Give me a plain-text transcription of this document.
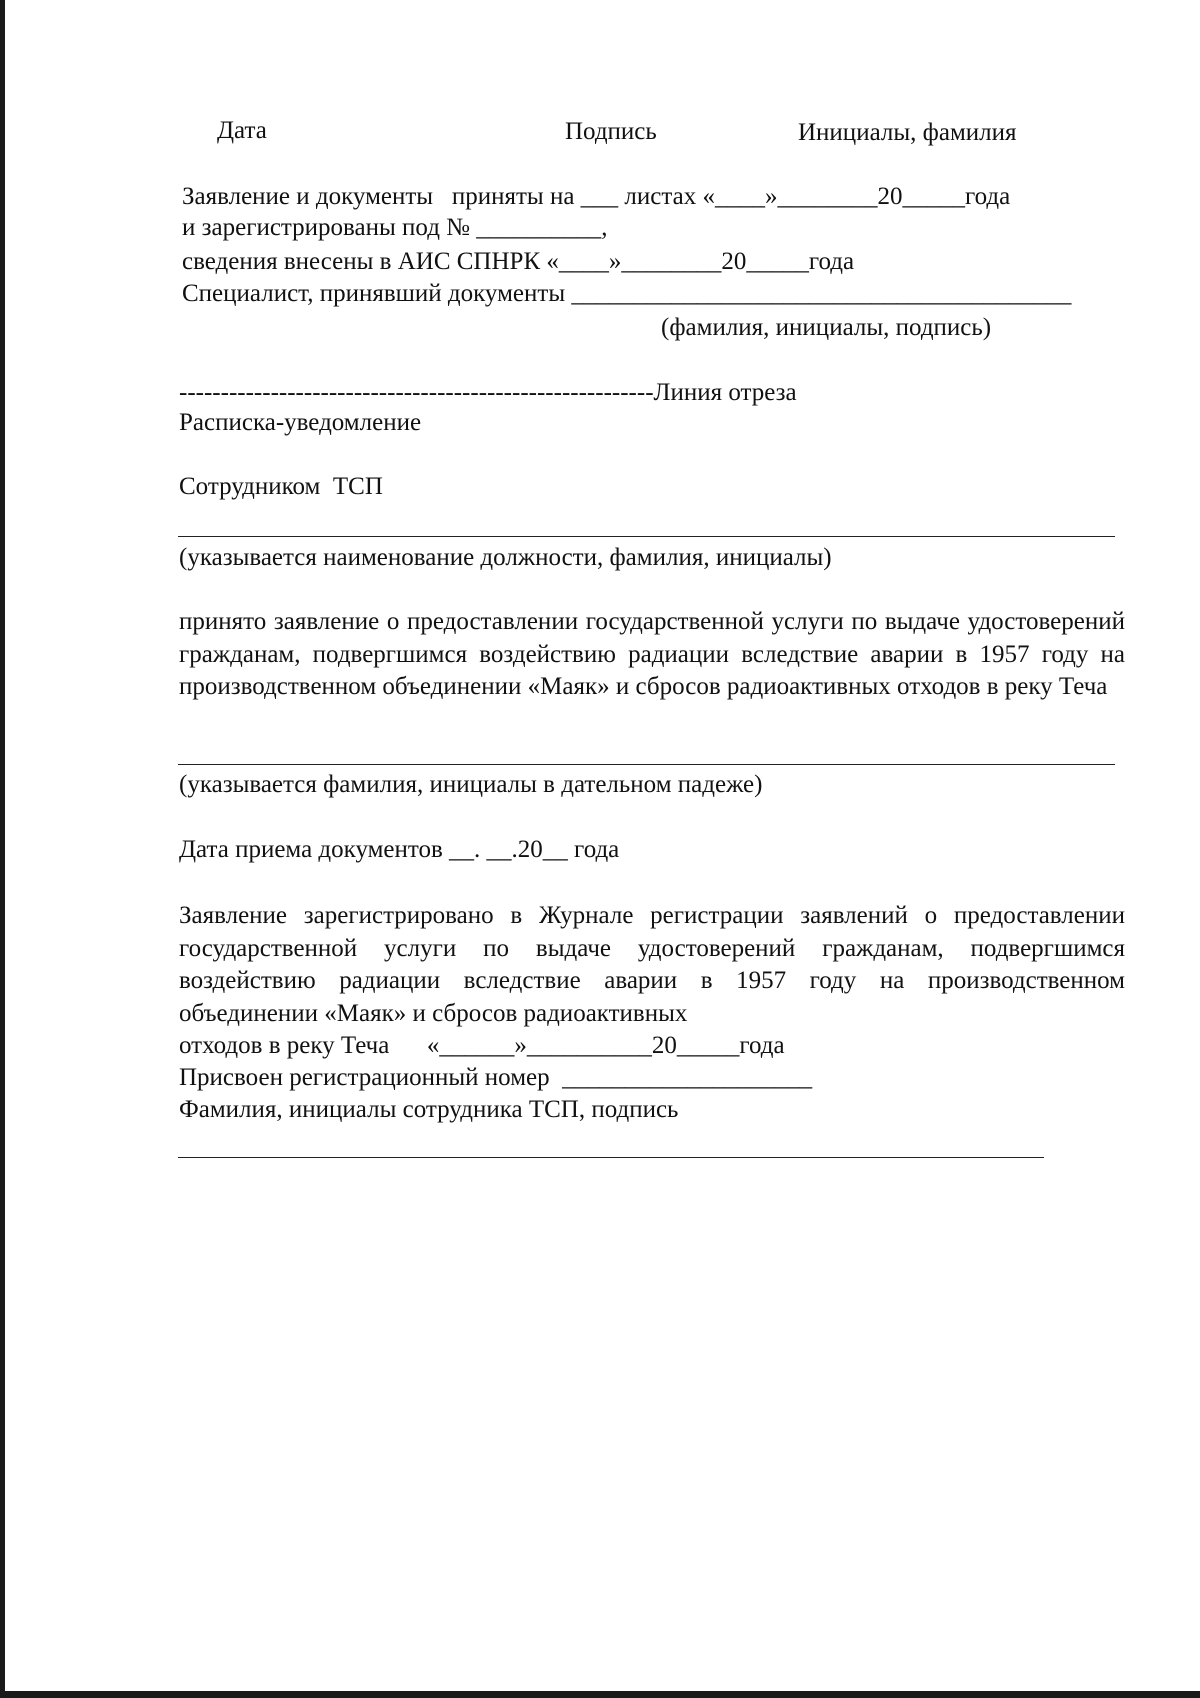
Дата	Подпись	Инициалы, фамилия
Заявление и документы   приняты на ___ листах «____»________20_____года
и зарегистрированы под № __________,
сведения внесены в АИС СПНРК «____»________20_____года
Специалист, принявший документы ________________________________________
(фамилия, инициалы, подпись)
---------------------------------------------------------Линия отреза
Расписка-уведомление
Сотрудником  ТСП
(указывается наименование должности, фамилия, инициалы)
принято заявление о предоставлении государственной услуги по выдаче удостоверений гражданам, подвергшимся воздействию радиации вследствие аварии в 1957 году на производственном объединении «Маяк» и сбросов радиоактивных отходов в реку Теча
(указывается фамилия, инициалы в дательном падеже)
Дата приема документов __. __.20__ года
Заявление зарегистрировано в Журнале регистрации заявлений о предоставлении государственной услуги по выдаче удостоверений гражданам, подвергшимся воздействию радиации вследствие аварии в 1957 году на производственном объединении «Маяк» и сбросов радиоактивных
отходов в реку Теча      «______»__________20_____года
Присвоен регистрационный номер  ____________________
Фамилия, инициалы сотрудника ТСП, подпись
